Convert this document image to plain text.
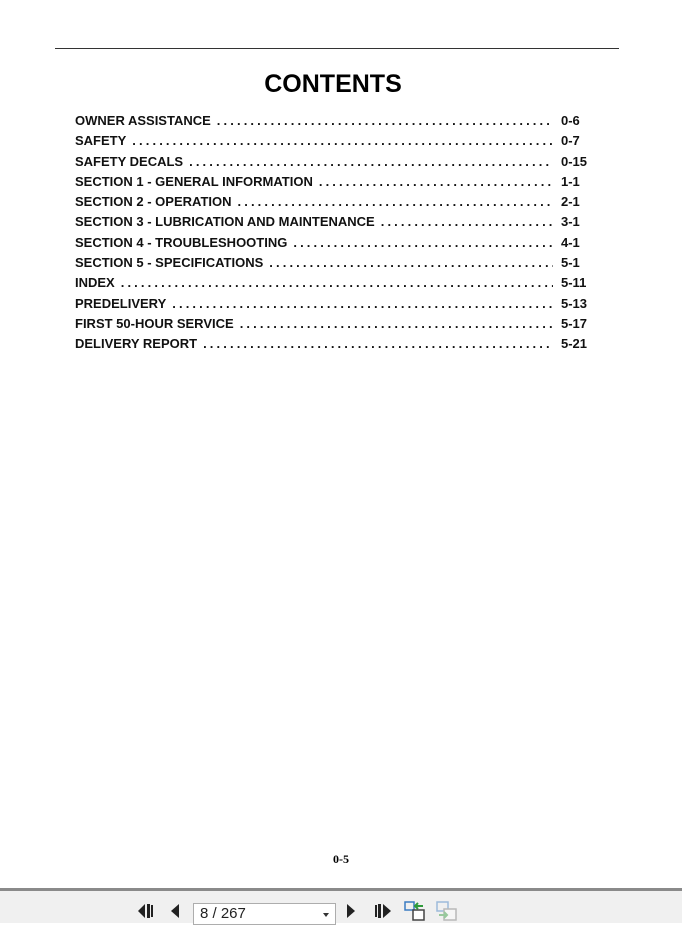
CONTENTS
OWNER ASSISTANCE . . .	0-6
SAFETY . . .	0-7
SAFETY DECALS . . .	0-15
SECTION 1 - GENERAL INFORMATION . . .	1-1
SECTION 2 - OPERATION . . .	2-1
SECTION 3 - LUBRICATION AND MAINTENANCE . . .	3-1
SECTION 4 - TROUBLESHOOTING . . .	4-1
SECTION 5 - SPECIFICATIONS . . .	5-1
INDEX . . .	5-11
PREDELIVERY . . .	5-13
FIRST 50-HOUR SERVICE . . .	5-17
DELIVERY REPORT . . .	5-21
0-5
8 / 267
